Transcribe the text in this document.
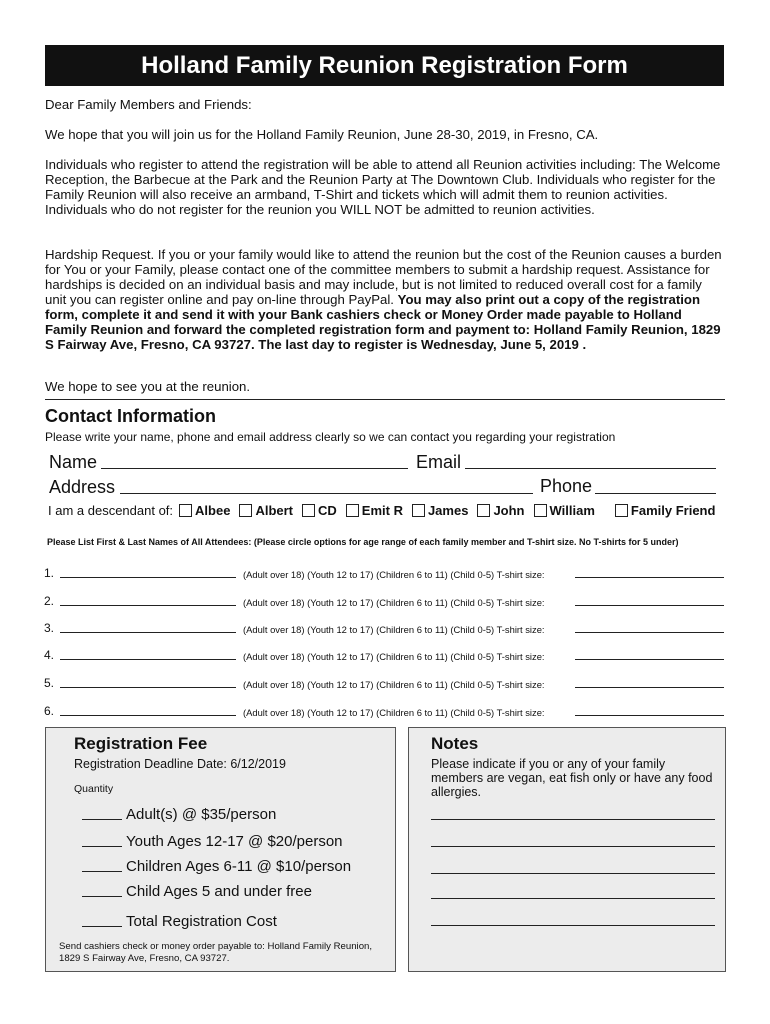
Holland Family Reunion Registration Form
Dear Family Members and Friends:
We hope that you will join us for the Holland Family Reunion, June 28-30, 2019, in Fresno, CA.
Individuals who register to attend the registration will be able to attend all Reunion activities including: The Welcome Reception, the Barbecue at the Park and the Reunion Party at The Downtown Club. Individuals who register for the Family Reunion will also receive an armband, T-Shirt and tickets which will admit them to reunion activities. Individuals who do not register for the reunion you WILL NOT be admitted to reunion activities.
Hardship Request. If you or your family would like to attend the reunion but the cost of the Reunion causes a burden for You or your Family, please contact one of the committee members to submit a hardship request. Assistance for hardships is decided on an individual basis and may include, but is not limited to reduced overall cost for a family unit you can register online and pay on-line through PayPal. You may also print out a copy of the registration form, complete it and send it with your Bank cashiers check or Money Order made payable to Holland Family Reunion and forward the completed registration form and payment to: Holland Family Reunion, 1829 S Fairway Ave, Fresno, CA 93727. The last day to register is Wednesday, June 5, 2019 .
We hope to see you at the reunion.
Contact Information
Please write your name, phone and email address clearly so we can contact you regarding your registration
Name	Email
Address	Phone
I am a descendant of: Albee Albert CD Emit R James John William	Family Friend
Please List First & Last Names of All Attendees: (Please circle options for age range of each family member and T-shirt size. No T-shirts for 5 under)
1.	(Adult over 18) (Youth 12 to 17) (Children 6 to 11) (Child 0-5) T-shirt size:
2.	(Adult over 18) (Youth 12 to 17) (Children 6 to 11) (Child 0-5) T-shirt size:
3.	(Adult over 18) (Youth 12 to 17) (Children 6 to 11) (Child 0-5) T-shirt size:
4.	(Adult over 18) (Youth 12 to 17) (Children 6 to 11) (Child 0-5) T-shirt size:
5.	(Adult over 18) (Youth 12 to 17) (Children 6 to 11) (Child 0-5) T-shirt size:
6.	(Adult over 18) (Youth 12 to 17) (Children 6 to 11) (Child 0-5) T-shirt size:
Registration Fee
Registration Deadline Date: 6/12/2019
Quantity
Adult(s) @ $35/person
Youth Ages 12-17 @ $20/person
Children Ages 6-11 @ $10/person
Child Ages 5 and under free
Total Registration Cost
Send cashiers check or money order payable to: Holland Family Reunion, 1829 S Fairway Ave, Fresno, CA 93727.
Notes
Please indicate if you or any of your family members are vegan, eat fish only or have any food allergies.
